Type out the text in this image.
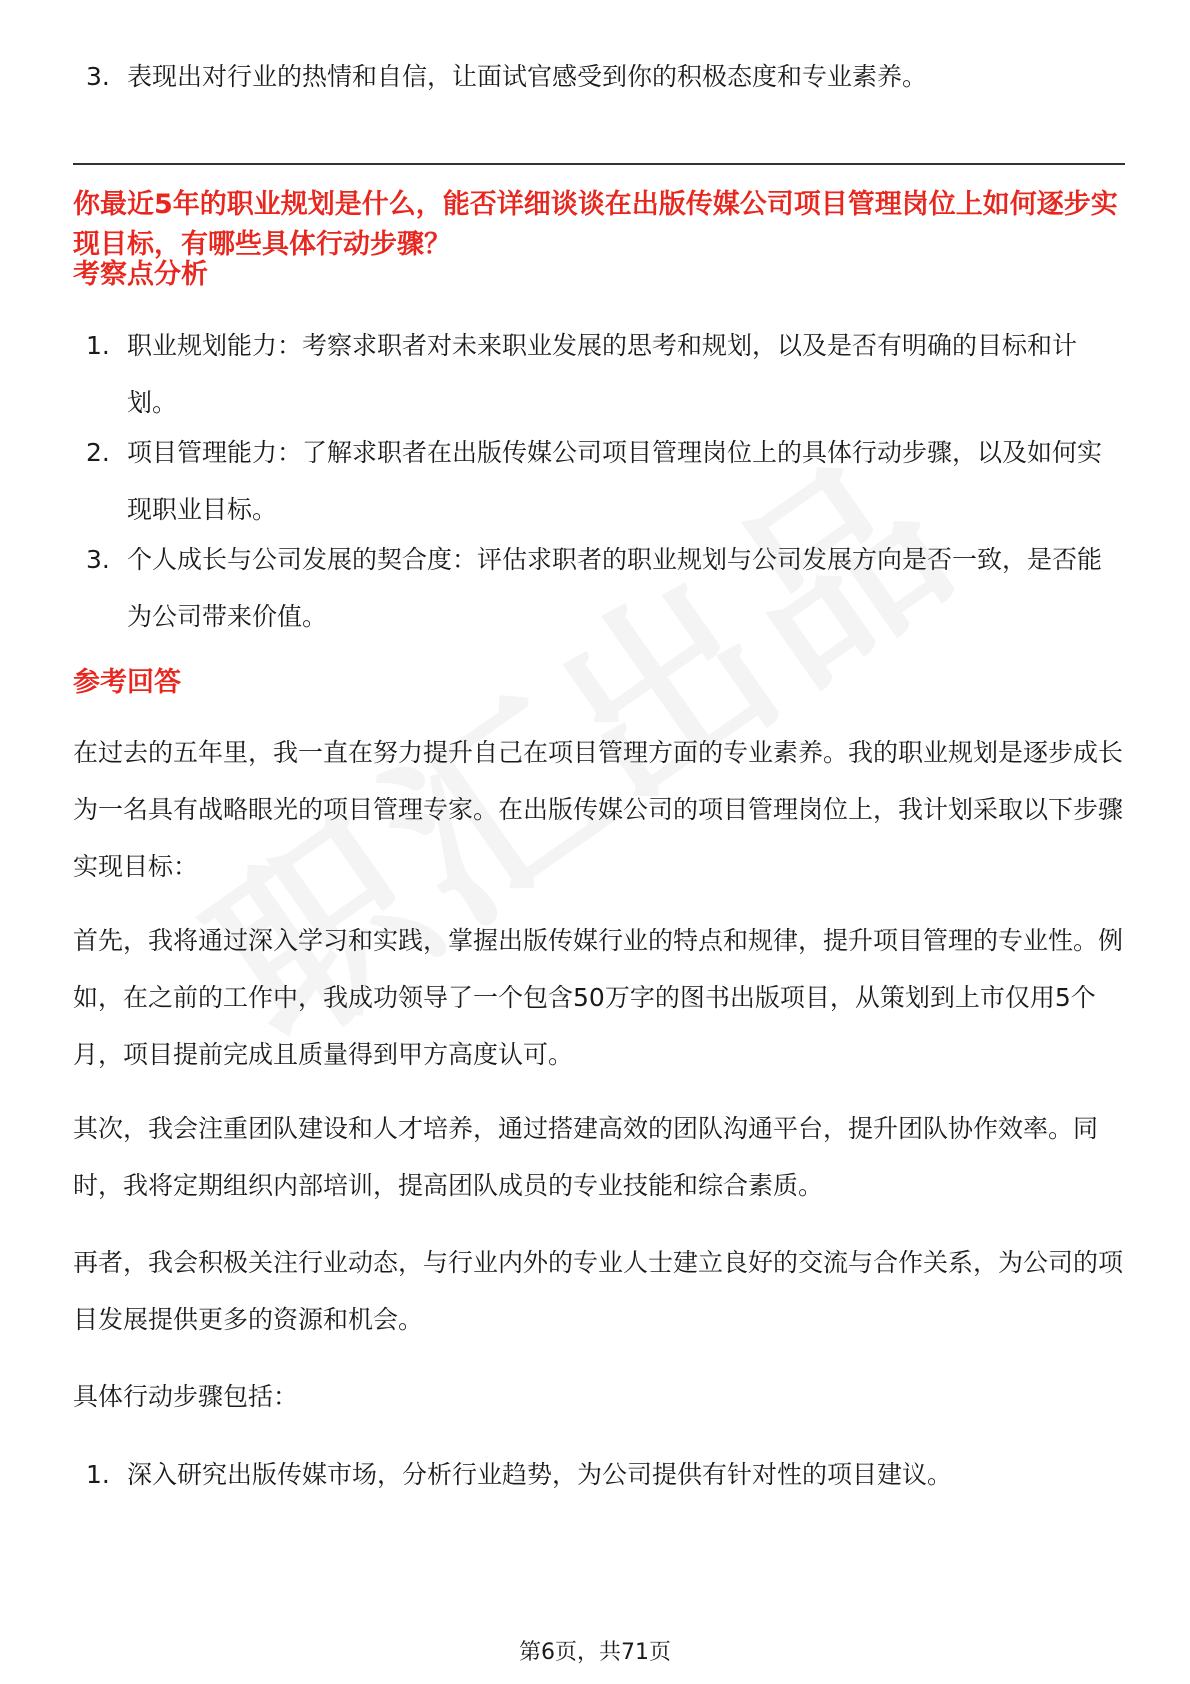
3. 表现出对行业的热情和自信，让面试官感受到你的积极态度和专业素养。
你最近5年的职业规划是什么，能否详细谈谈在出版传媒公司项目管理岗位上如何逐步实现目标，有哪些具体行动步骤？
考察点分析
1. 职业规划能力：考察求职者对未来职业发展的思考和规划，以及是否有明确的目标和计划。
2. 项目管理能力：了解求职者在出版传媒公司项目管理岗位上的具体行动步骤，以及如何实现职业目标。
3. 个人成长与公司发展的契合度：评估求职者的职业规划与公司发展方向是否一致，是否能为公司带来价值。
参考回答
在过去的五年里，我一直在努力提升自己在项目管理方面的专业素养。我的职业规划是逐步成长为一名具有战略眼光的项目管理专家。在出版传媒公司的项目管理岗位上，我计划采取以下步骤实现目标：
首先，我将通过深入学习和实践，掌握出版传媒行业的特点和规律，提升项目管理的专业性。例如，在之前的工作中，我成功领导了一个包含50万字的图书出版项目，从策划到上市仅用5个月，项目提前完成且质量得到甲方高度认可。
其次，我会注重团队建设和人才培养，通过搭建高效的团队沟通平台，提升团队协作效率。同时，我将定期组织内部培训，提高团队成员的专业技能和综合素质。
再者，我会积极关注行业动态，与行业内外的专业人士建立良好的交流与合作关系，为公司的项目发展提供更多的资源和机会。
具体行动步骤包括：
1. 深入研究出版传媒市场，分析行业趋势，为公司提供有针对性的项目建议。
第6页，共71页
